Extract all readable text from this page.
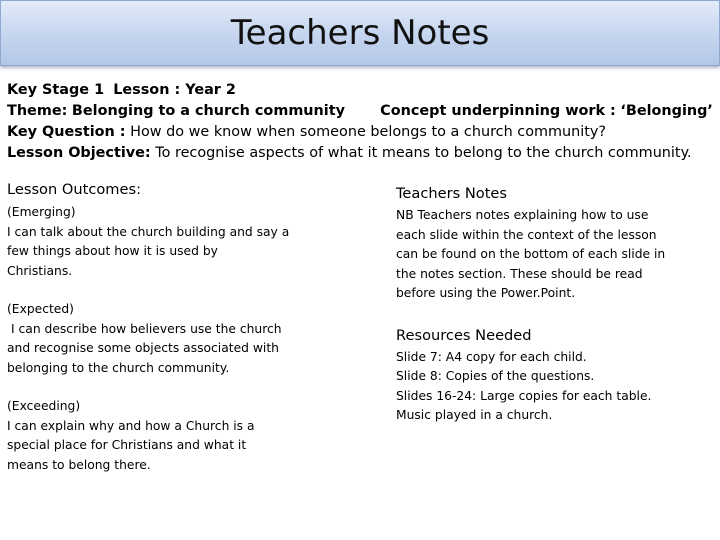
Teachers Notes
Key Stage 1 Lesson : Year 2
Theme: Belonging to a church community Concept underpinning work : ‘Belonging’
Key Question : How do we know when someone belongs to a church community?
Lesson Objective: To recognise aspects of what it means to belong to the church community.
Lesson Outcomes:
(Emerging)
I can talk about the church building and say a
few things about how it is used by
Christians.
(Expected)
I can describe how believers use the church
and recognise some objects associated with
belonging to the church community.
(Exceeding)
I can explain why and how a Church is a
special place for Christians and what it
means to belong there.
Teachers Notes
NB Teachers notes explaining how to use
each slide within the context of the lesson
can be found on the bottom of each slide in
the notes section. These should be read
before using the Power.Point.
Resources Needed
Slide 7: A4 copy for each child.
Slide 8: Copies of the questions.
Slides 16-24: Large copies for each table.
Music played in a church.
